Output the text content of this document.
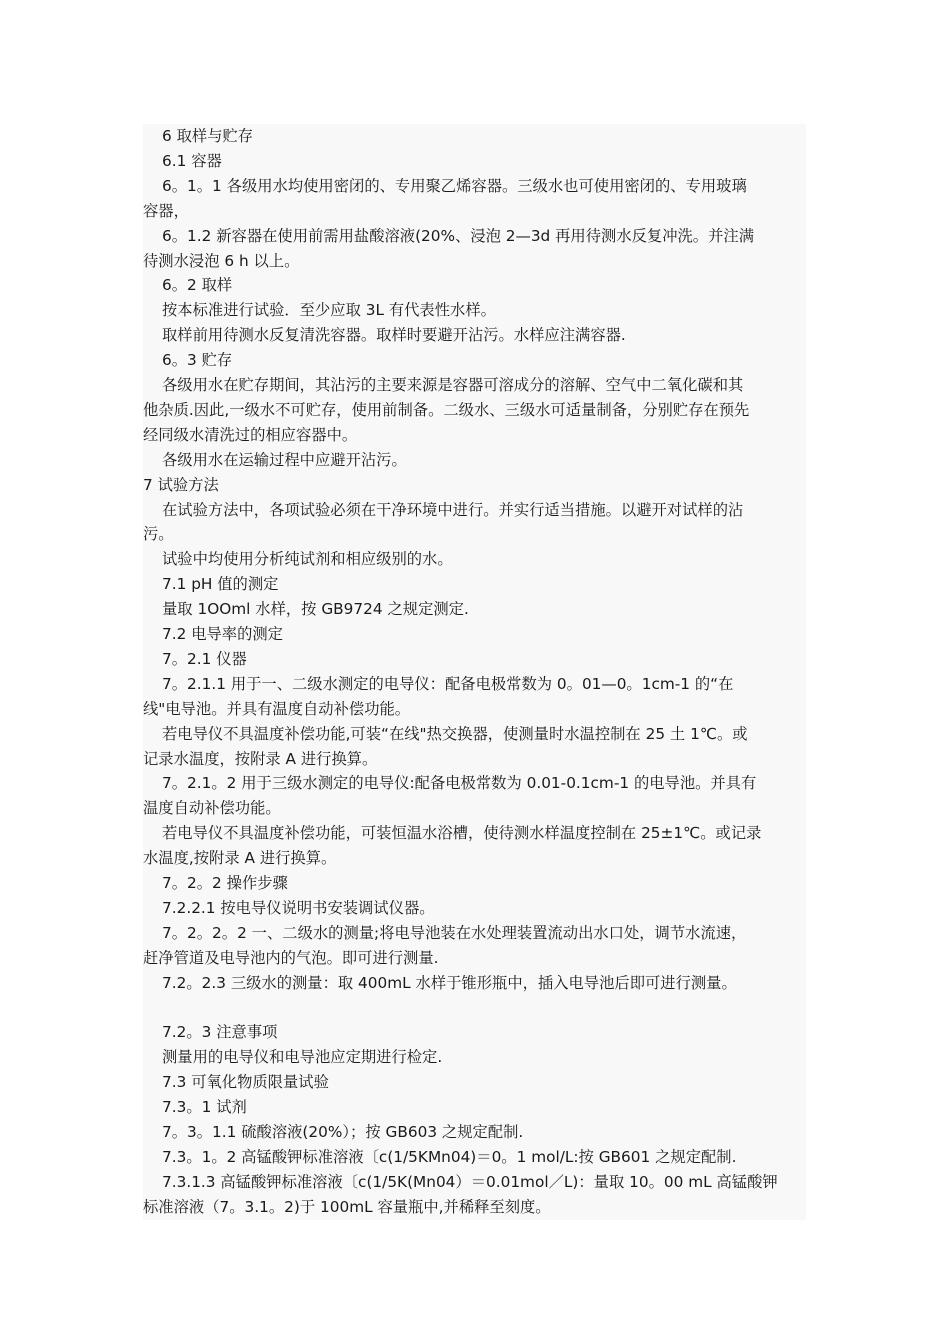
6 取样与贮存
6.1 容器
6。1。1 各级用水均使用密闭的、专用聚乙烯容器。三级水也可使用密闭的、专用玻璃
容器，
6。1.2 新容器在使用前需用盐酸溶液(20%、浸泡 2—3d 再用待测水反复冲洗。并注满
待测水浸泡 6 h 以上。
6。2 取样
按本标准进行试验．至少应取 3L 有代表性水样。
取样前用待测水反复清洗容器。取样时要避开沾污。水样应注满容器.
6。3 贮存
各级用水在贮存期间，其沾污的主要来源是容器可溶成分的溶解、空气中二氧化碳和其
他杂质.因此,一级水不可贮存，使用前制备。二级水、三级水可适量制备，分别贮存在预先
经同级水清洗过的相应容器中。
各级用水在运输过程中应避开沾污。
7 试验方法
在试验方法中，各项试验必须在干净环境中进行。并实行适当措施。以避开对试样的沾
污。
试验中均使用分析纯试剂和相应级别的水。
7.1 pH 值的测定
量取 1OOml 水样，按 GB9724 之规定测定.
7.2 电导率的测定
7。2.1 仪器
7。2.1.1 用于一、二级水测定的电导仪：配备电极常数为 0。01—0。1cm-1 的“在
线"电导池。并具有温度自动补偿功能。
若电导仪不具温度补偿功能,可装“在线"热交换器，使测量时水温控制在 25 土 1℃。或
记录水温度，按附录 A 进行换算。
7。2.1。2 用于三级水测定的电导仪:配备电极常数为 0.01-0.1cm-1 的电导池。并具有
温度自动补偿功能。
若电导仪不具温度补偿功能，可装恒温水浴槽，使待测水样温度控制在 25±1℃。或记录
水温度,按附录 A 进行换算。
7。2。2 操作步骤
7.2.2.1 按电导仪说明书安装调试仪器。
7。2。2。2 一、二级水的测量;将电导池装在水处理装置流动出水口处，调节水流速，
赶净管道及电导池内的气泡。即可进行测量.
7.2。2.3 三级水的测量：取 400mL 水样于锥形瓶中，插入电导池后即可进行测量。
7.2。3 注意事项
测量用的电导仪和电导池应定期进行检定.
7.3 可氧化物质限量试验
7.3。1 试剂
7。3。1.1 硫酸溶液(20%）；按 GB603 之规定配制.
7.3。1。2 高锰酸钾标准溶液〔c(1/5KMn04)＝0。1 mol/L:按 GB601 之规定配制.
7.3.1.3 高锰酸钾标准溶液〔c(1/5K(Mn04）＝0.01mol／L)：量取 10。00 mL 高锰酸钾
标准溶液（7。3.1。2)于 100mL 容量瓶中,并稀释至刻度。
